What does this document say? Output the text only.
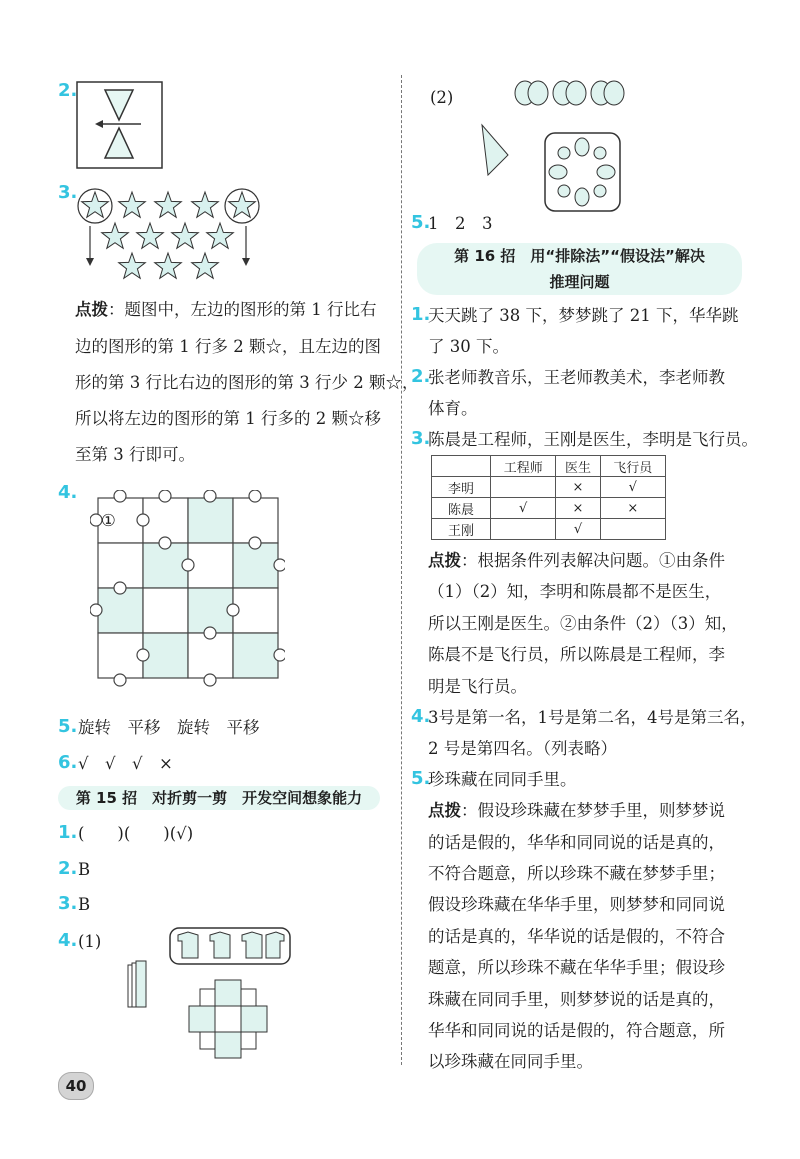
2.
3.
点拨：题图中，左边的图形的第 1 行比右
边的图形的第 1 行多 2 颗☆，且左边的图
形的第 3 行比右边的图形的第 3 行少 2 颗☆，
所以将左边的图形的第 1 行多的 2 颗☆移
至第 3 行即可。
4.
①
5. 旋转　平移　旋转　平移
6. √　√　√　×
第 15 招　对折剪一剪　开发空间想象能力
1. (　　)(　　)(√)
2. B
3. B
4. (1)
(2)
5.
1　2　3
第 16 招　用“排除法”“假设法”解决
推理问题
1.
天天跳了 38 下，梦梦跳了 21 下，华华跳
了 30 下。
2.
张老师教音乐，王老师教美术，李老师教
体育。
3.
陈晨是工程师，王刚是医生，李明是飞行员。
	工程师	医生	飞行员
李明		×	√
陈晨	√	×	×
王刚		√	
点拨：根据条件列表解决问题。①由条件
（1）（2）知，李明和陈晨都不是医生，
所以王刚是医生。②由条件（2）（3）知，
陈晨不是飞行员，所以陈晨是工程师，李
明是飞行员。
4.
3号是第一名，1号是第二名，4号是第三名，
2 号是第四名。（列表略）
5.
珍珠藏在同同手里。
点拨：假设珍珠藏在梦梦手里，则梦梦说
的话是假的，华华和同同说的话是真的，
不符合题意，所以珍珠不藏在梦梦手里；
假设珍珠藏在华华手里，则梦梦和同同说
的话是真的，华华说的话是假的，不符合
题意，所以珍珠不藏在华华手里；假设珍
珠藏在同同手里，则梦梦说的话是真的，
华华和同同说的话是假的，符合题意，所
以珍珠藏在同同手里。
40
